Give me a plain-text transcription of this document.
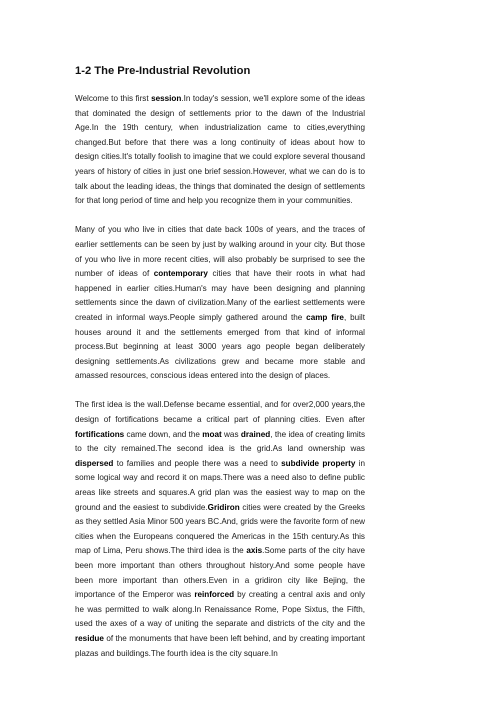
1-2 The Pre-Industrial Revolution

Welcome to this first session.In today's session, we'll explore some of the ideas that dominated the design of settlements prior to the dawn of the Industrial Age.In the 19th century, when industrialization came to cities,everything changed.But before that there was a long continuity of ideas about how to design cities.It's totally foolish to imagine that we could explore several thousand years of history of cities in just one brief session.However, what we can do is to talk about the leading ideas, the things that dominated the design of settlements for that long period of time and help you recognize them in your communities.

Many of you who live in cities that date back 100s of years, and the traces of earlier settlements can be seen by just by walking around in your city. But those of you who live in more recent cities, will also probably be surprised to see the number of ideas of contemporary cities that have their roots in what had happened in earlier cities.Human's may have been designing and planning settlements since the dawn of civilization.Many of the earliest settlements were created in informal ways.People simply gathered around the camp fire, built houses around it and the settlements emerged from that kind of informal process.But beginning at least 3000 years ago people began deliberately designing settlements.As civilizations grew and became more stable and amassed resources, conscious ideas entered into the design of places.

The first idea is the wall.Defense became essential, and for over2,000 years,the design of fortifications became a critical part of planning cities. Even after fortifications came down, and the moat was drained, the idea of creating limits to the city remained.The second idea is the grid.As land ownership was dispersed to families and people there was a need to subdivide property in some logical way and record it on maps.There was a need also to define public areas like streets and squares.A grid plan was the easiest way to map on the ground and the easiest to subdivide.Gridiron cities were created by the Greeks as they settled Asia Minor 500 years BC.And, grids were the favorite form of new cities when the Europeans conquered the Americas in the 15th century.As this map of Lima, Peru shows.The third idea is the axis.Some parts of the city have been more important than others throughout history.And some people have been more important than others.Even in a gridiron city like Bejing, the importance of the Emperor was reinforced by creating a central axis and only he was permitted to walk along.In Renaissance Rome, Pope Sixtus, the Fifth, used the axes of a way of uniting the separate and districts of the city and the residue of the monuments that have been left behind, and by creating important plazas and buildings.The fourth idea is the city square.In
